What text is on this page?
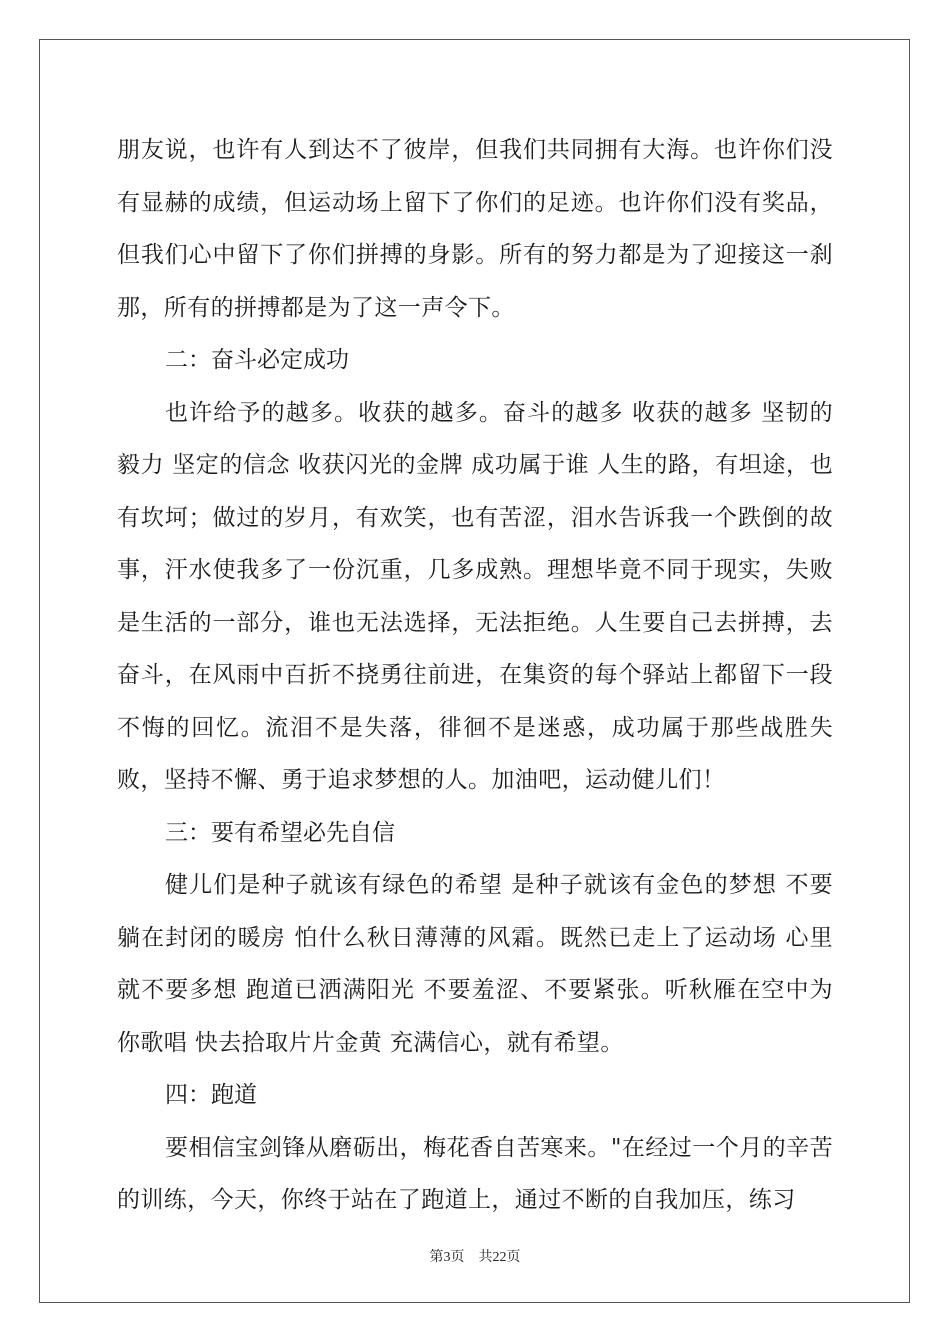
朋友说，也许有人到达不了彼岸，但我们共同拥有大海。也许你们没有显赫的成绩，但运动场上留下了你们的足迹。也许你们没有奖品，但我们心中留下了你们拼搏的身影。所有的努力都是为了迎接这一刹那，所有的拼搏都是为了这一声令下。

二：奋斗必定成功

也许给予的越多。收获的越多。奋斗的越多 收获的越多 坚韧的毅力 坚定的信念 收获闪光的金牌 成功属于谁 人生的路，有坦途，也有坎坷；做过的岁月，有欢笑，也有苦涩，泪水告诉我一个跌倒的故事，汗水使我多了一份沉重，几多成熟。理想毕竟不同于现实，失败是生活的一部分，谁也无法选择，无法拒绝。人生要自己去拼搏，去奋斗，在风雨中百折不挠勇往前进，在集资的每个驿站上都留下一段不悔的回忆。流泪不是失落，徘徊不是迷惑，成功属于那些战胜失败，坚持不懈、勇于追求梦想的人。加油吧，运动健儿们！

三：要有希望必先自信

健儿们是种子就该有绿色的希望 是种子就该有金色的梦想 不要躺在封闭的暖房 怕什么秋日薄薄的风霜。既然已走上了运动场 心里就不要多想 跑道已洒满阳光 不要羞涩、不要紧张。听秋雁在空中为你歌唱 快去拾取片片金黄 充满信心，就有希望。

四：跑道

要相信宝剑锋从磨砺出，梅花香自苦寒来。"在经过一个月的辛苦的训练，今天，你终于站在了跑道上，通过不断的自我加压，练习

第3页　共22页
